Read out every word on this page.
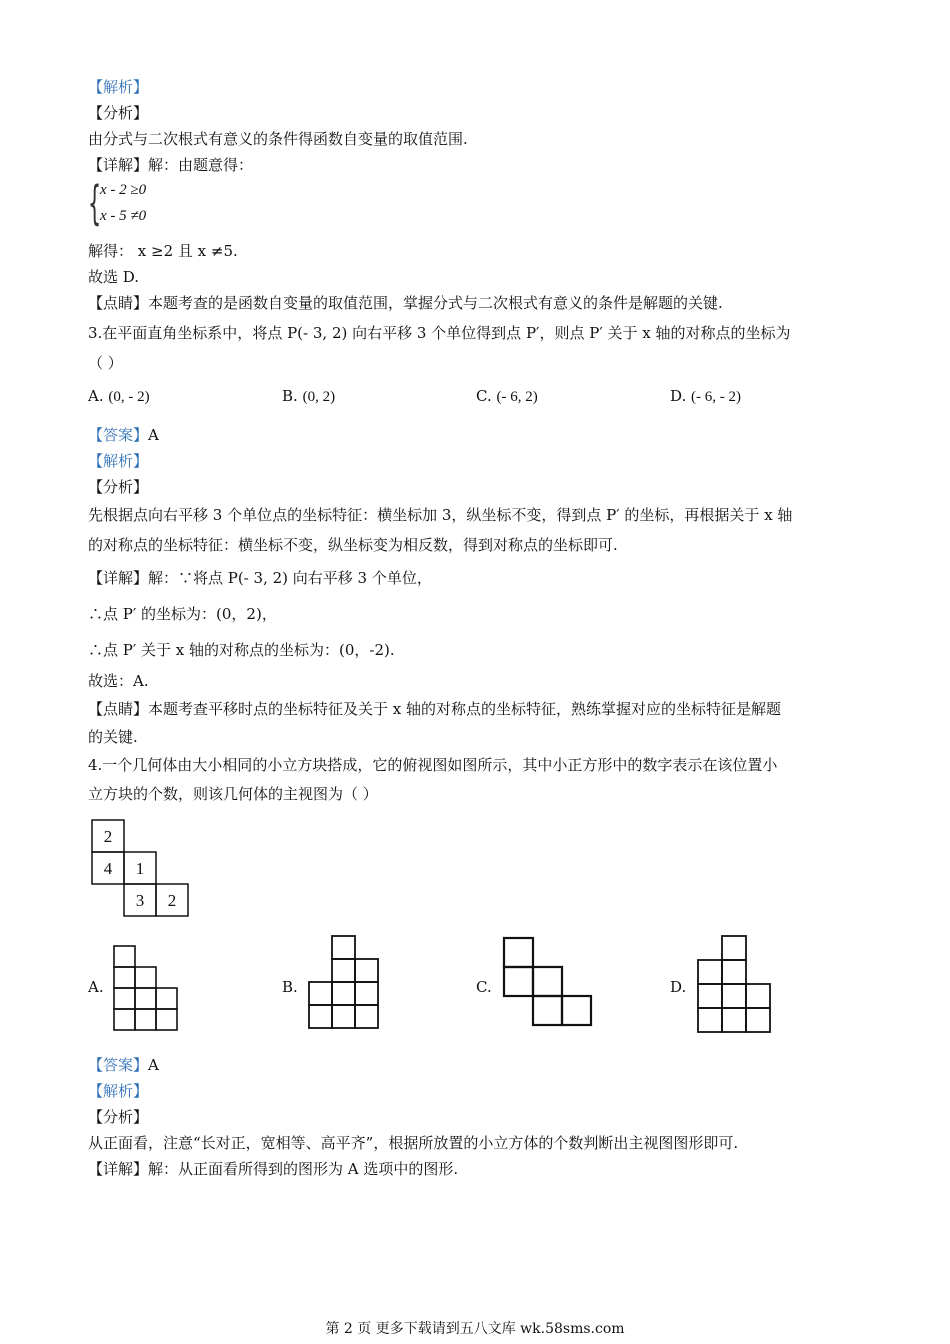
【解析】
【分析】
由分式与二次根式有意义的条件得函数自变量的取值范围.
【详解】解：由题意得：
{
x - 2 ≥0
x - 5 ≠0
解得： x ≥2 且 x ≠5.
故选 D.
【点睛】本题考查的是函数自变量的取值范围，掌握分式与二次根式有意义的条件是解题的关键.
3.在平面直角坐标系中，将点 P(- 3, 2) 向右平移 3 个单位得到点 P′，则点 P′ 关于 x 轴的对称点的坐标为
（ ）
A. (0, - 2)	B. (0, 2)	C. (- 6, 2)	D. (- 6, - 2)
【答案】A
【解析】
【分析】
先根据点向右平移 3 个单位点的坐标特征：横坐标加 3，纵坐标不变，得到点 P′ 的坐标，再根据关于 x 轴
的对称点的坐标特征：横坐标不变，纵坐标变为相反数，得到对称点的坐标即可.
【详解】解：∵将点 P(- 3, 2) 向右平移 3 个单位，
∴点 P′ 的坐标为：(0，2)，
∴点 P′ 关于 x 轴的对称点的坐标为：(0，-2).
故选：A.
【点睛】本题考查平移时点的坐标特征及关于 x 轴的对称点的坐标特征，熟练掌握对应的坐标特征是解题
的关键.
4.一个几何体由大小相同的小立方块搭成，它的俯视图如图所示，其中小正方形中的数字表示在该位置小
立方块的个数，则该几何体的主视图为（ ）
2
4 1
3 2
A.	B.	C.	D.
【答案】A
【解析】
【分析】
从正面看，注意“长对正，宽相等、高平齐”，根据所放置的小立方体的个数判断出主视图图形即可.
【详解】解：从正面看所得到的图形为 A 选项中的图形.
第 2 页 更多下载请到五八文库 wk.58sms.com
